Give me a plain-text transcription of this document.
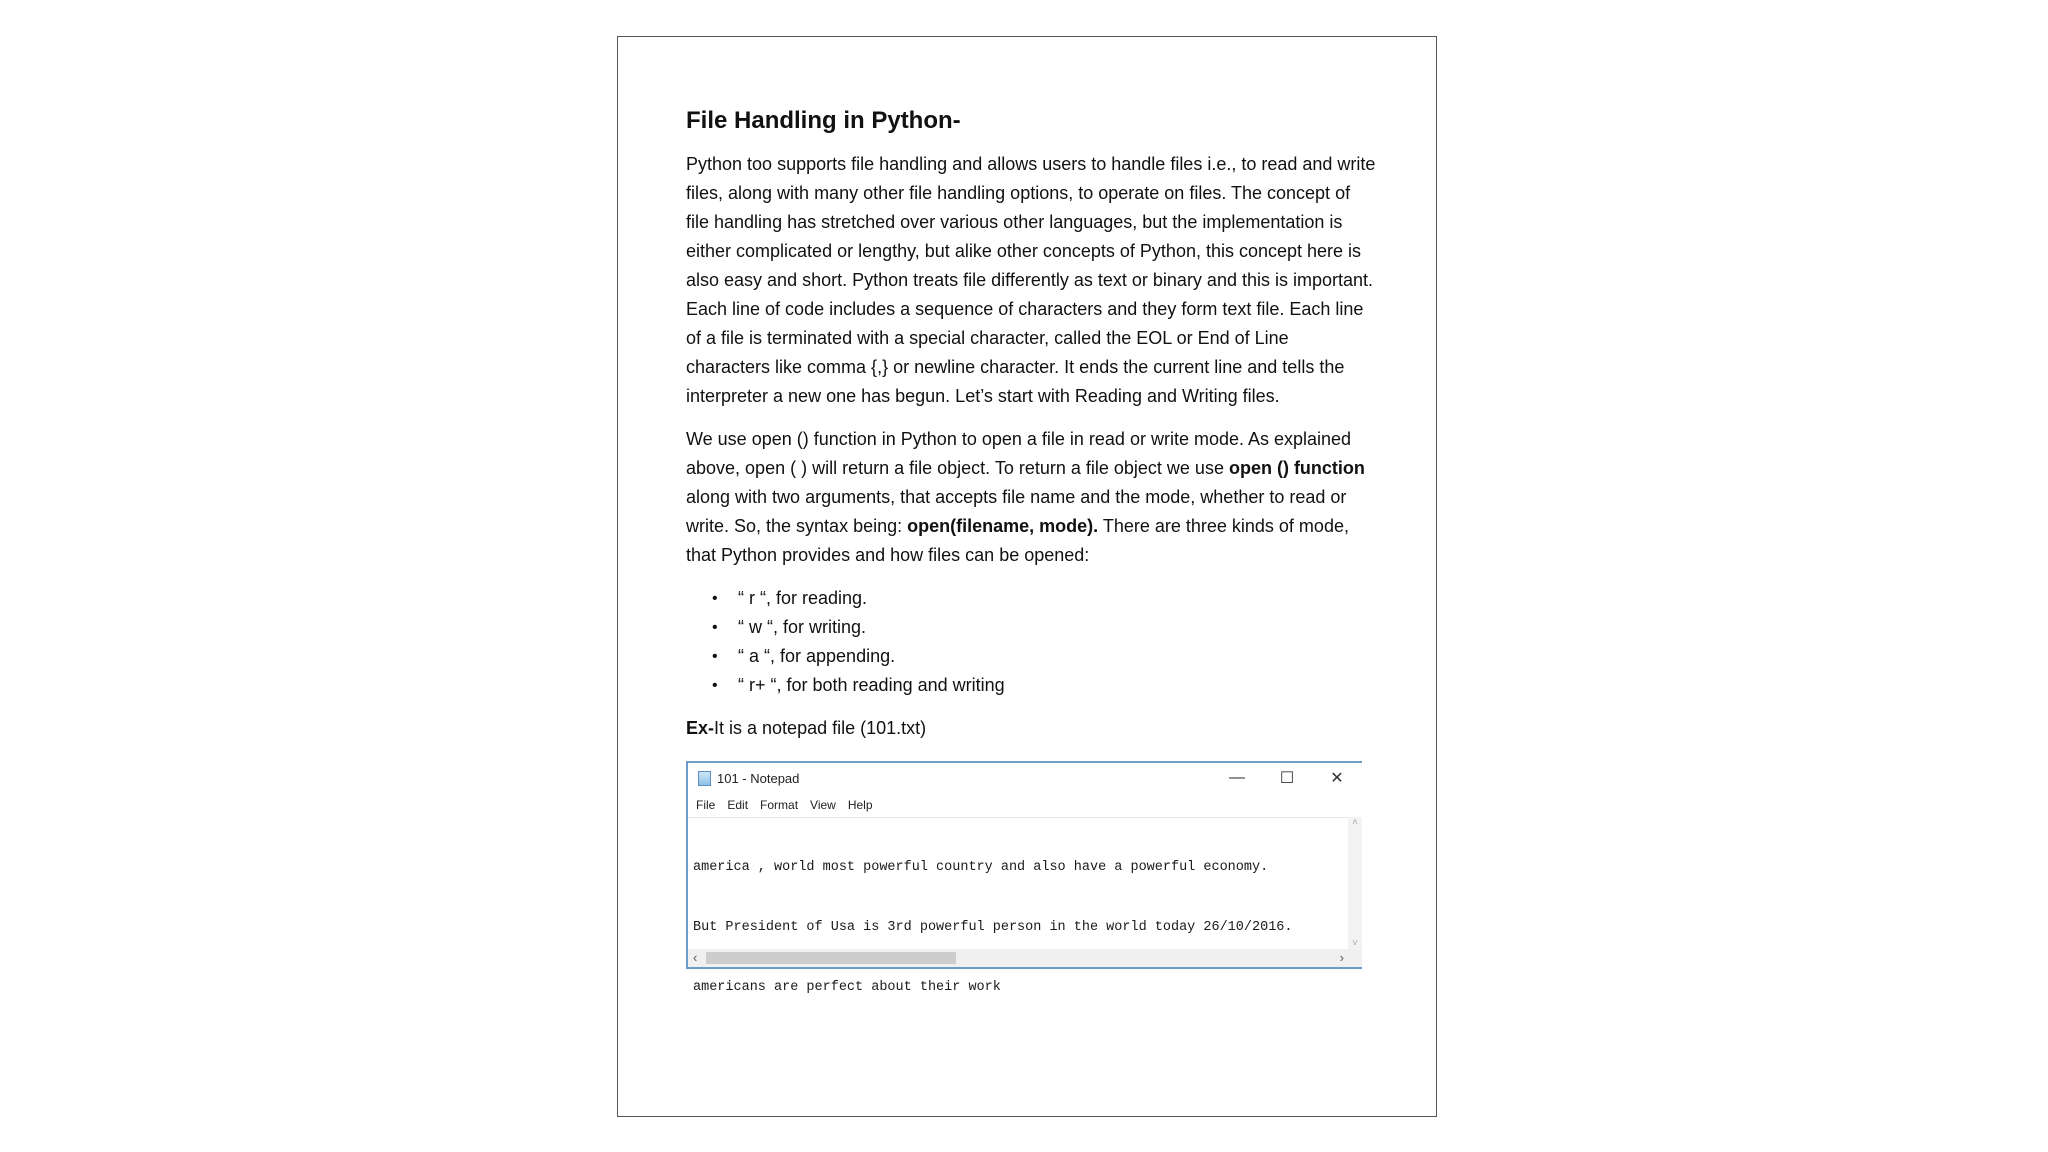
File Handling in Python-

Python too supports file handling and allows users to handle files i.e., to read and write files, along with many other file handling options, to operate on files. The concept of file handling has stretched over various other languages, but the implementation is either complicated or lengthy, but alike other concepts of Python, this concept here is also easy and short. Python treats file differently as text or binary and this is important. Each line of code includes a sequence of characters and they form text file. Each line of a file is terminated with a special character, called the EOL or End of Line characters like comma {,} or newline character. It ends the current line and tells the interpreter a new one has begun. Let’s start with Reading and Writing files.

We use open () function in Python to open a file in read or write mode. As explained above, open ( ) will return a file object. To return a file object we use open () function along with two arguments, that accepts file name and the mode, whether to read or write. So, the syntax being: open(filename, mode). There are three kinds of mode, that Python provides and how files can be opened:

• “ r “, for reading.
• “ w “, for writing.
• “ a “, for appending.
• “ r+ “, for both reading and writing

Ex-It is a notepad file (101.txt)

101 - Notepad	—	☐	✕
File Edit Format View Help

america , world most powerful country and also have a powerful economy.

But President of Usa is 3rd powerful person in the world today 26/10/2016.

americans are perfect about their work

˄
˅
‹	›
